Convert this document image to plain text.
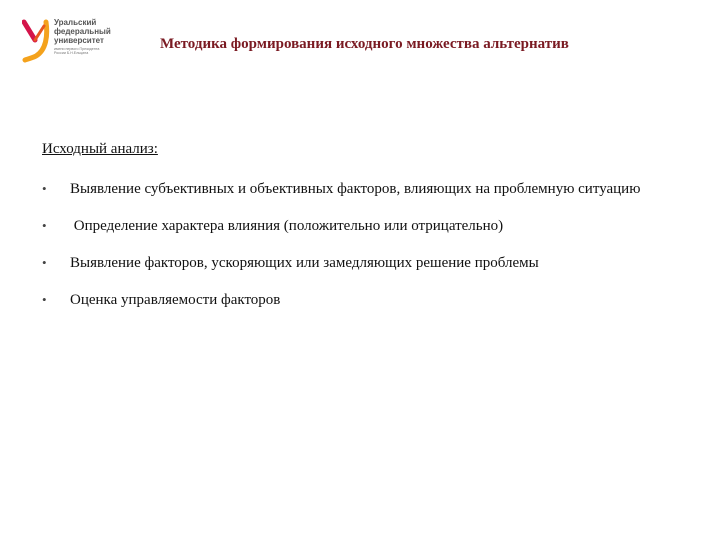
Уральский
федеральный
университет
имени первого Президента
России Б.Н.Ельцина
Методика формирования исходного множества альтернатив
Исходный анализ:
• Выявление субъективных и объективных факторов, влияющих на проблемную ситуацию
• Определение характера влияния (положительно или отрицательно)
• Выявление факторов, ускоряющих или замедляющих решение проблемы
• Оценка управляемости факторов
